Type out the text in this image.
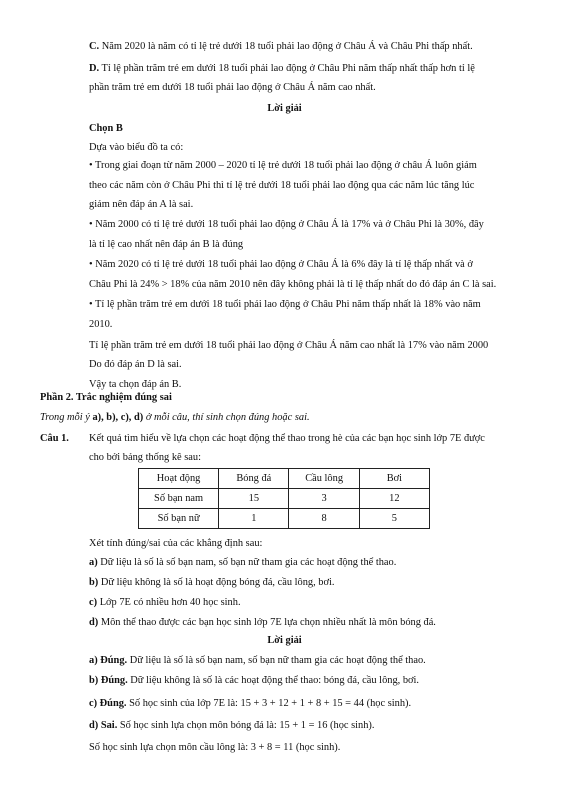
C. Năm 2020 là năm có tỉ lệ trẻ dưới 18 tuổi phải lao động ở Châu Á và Châu Phi thấp nhất.
D. Tỉ lệ phần trăm trẻ em dưới 18 tuổi phải lao động ở Châu Phi năm thấp nhất thấp hơn tỉ lệ
phần trăm trẻ em dưới 18 tuổi phải lao động ở Châu Á năm cao nhất.
Lời giải
Chọn B
Dựa vào biểu đồ ta có:
• Trong giai đoạn từ năm 2000 – 2020 tỉ lệ trẻ dưới 18 tuổi phải lao động ở châu Á luôn giảm
theo các năm còn ở Châu Phi thì tỉ lệ trẻ dưới 18 tuổi phải lao động qua các năm lúc tăng lúc
giảm nên đáp án A là sai.
• Năm 2000 có tỉ lệ trẻ dưới 18 tuổi phải lao động ở Châu Á là 17% và ở Châu Phi là 30%, đây
là tỉ lệ cao nhất nên đáp án B là đúng
• Năm 2020 có tỉ lệ trẻ dưới 18 tuổi phải lao động ở Châu Á là 6% đây là tỉ lệ thấp nhất và ở
Châu Phi là 24% > 18% của năm 2010 nên đây không phải là tỉ lệ thấp nhất do đó đáp án C là sai.
• Tỉ lệ phần trăm trẻ em dưới 18 tuổi phải lao động ở Châu Phi năm thấp nhất là 18% vào năm
2010.
Tỉ lệ phần trăm trẻ em dưới 18 tuổi phải lao động ở Châu Á năm cao nhất là 17% vào năm 2000
Do đó đáp án D là sai.
Vậy ta chọn đáp án B.
Phần 2. Trắc nghiệm đúng sai
Trong mỗi ý a), b), c), d) ở mỗi câu, thí sinh chọn đúng hoặc sai.
Câu 1. Kết quả tìm hiểu về lựa chọn các hoạt động thể thao trong hè của các bạn học sinh lớp 7E được
cho bởi bảng thống kê sau:
Hoạt động	Bóng đá	Cầu lông	Bơi
Số bạn nam	15	3	12
Số bạn nữ	1	8	5
Xét tính đúng/sai của các khẳng định sau:
a) Dữ liệu là số là số bạn nam, số bạn nữ tham gia các hoạt động thể thao.
b) Dữ liệu không là số là hoạt động bóng đá, cầu lông, bơi.
c) Lớp 7E có nhiều hơn 40 học sinh.
d) Môn thể thao được các bạn học sinh lớp 7E lựa chọn nhiều nhất là môn bóng đá.
Lời giải
a) Đúng. Dữ liệu là số là số bạn nam, số bạn nữ tham gia các hoạt động thể thao.
b) Đúng. Dữ liệu không là số là các hoạt động thể thao: bóng đá, cầu lông, bơi.
c) Đúng. Số học sinh của lớp 7E là: 15 + 3 + 12 + 1 + 8 + 15 = 44 (học sinh).
d) Sai. Số học sinh lựa chọn môn bóng đá là: 15 + 1 = 16 (học sinh).
Số học sinh lựa chọn môn cầu lông là: 3 + 8 = 11 (học sinh).
